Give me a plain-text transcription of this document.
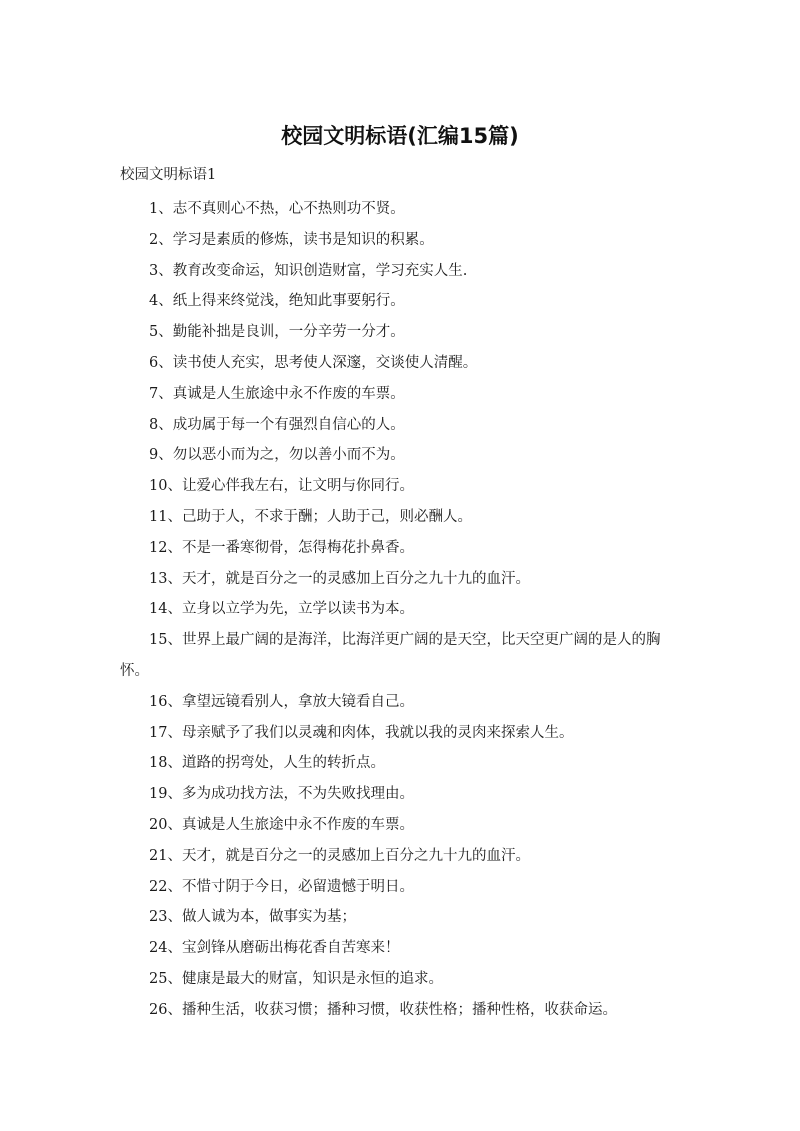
校园文明标语(汇编15篇)
校园文明标语1
1、志不真则心不热，心不热则功不贤。
2、学习是素质的修炼，读书是知识的积累。
3、教育改变命运，知识创造财富，学习充实人生.
4、纸上得来终觉浅，绝知此事要躬行。
5、勤能补拙是良训，一分辛劳一分才。
6、读书使人充实，思考使人深邃，交谈使人清醒。
7、真诚是人生旅途中永不作废的车票。
8、成功属于每一个有强烈自信心的人。
9、勿以恶小而为之，勿以善小而不为。
10、让爱心伴我左右，让文明与你同行。
11、己助于人，不求于酬；人助于己，则必酬人。
12、不是一番寒彻骨，怎得梅花扑鼻香。
13、天才，就是百分之一的灵感加上百分之九十九的血汗。
14、立身以立学为先，立学以读书为本。
15、世界上最广阔的是海洋，比海洋更广阔的是天空，比天空更广阔的是人的胸怀。
16、拿望远镜看别人，拿放大镜看自己。
17、母亲赋予了我们以灵魂和肉体，我就以我的灵肉来探索人生。
18、道路的拐弯处，人生的转折点。
19、多为成功找方法，不为失败找理由。
20、真诚是人生旅途中永不作废的车票。
21、天才，就是百分之一的灵感加上百分之九十九的血汗。
22、不惜寸阴于今日，必留遗憾于明日。
23、做人诚为本，做事实为基；
24、宝剑锋从磨砺出梅花香自苦寒来！
25、健康是最大的财富，知识是永恒的追求。
26、播种生活，收获习惯；播种习惯，收获性格；播种性格，收获命运。
